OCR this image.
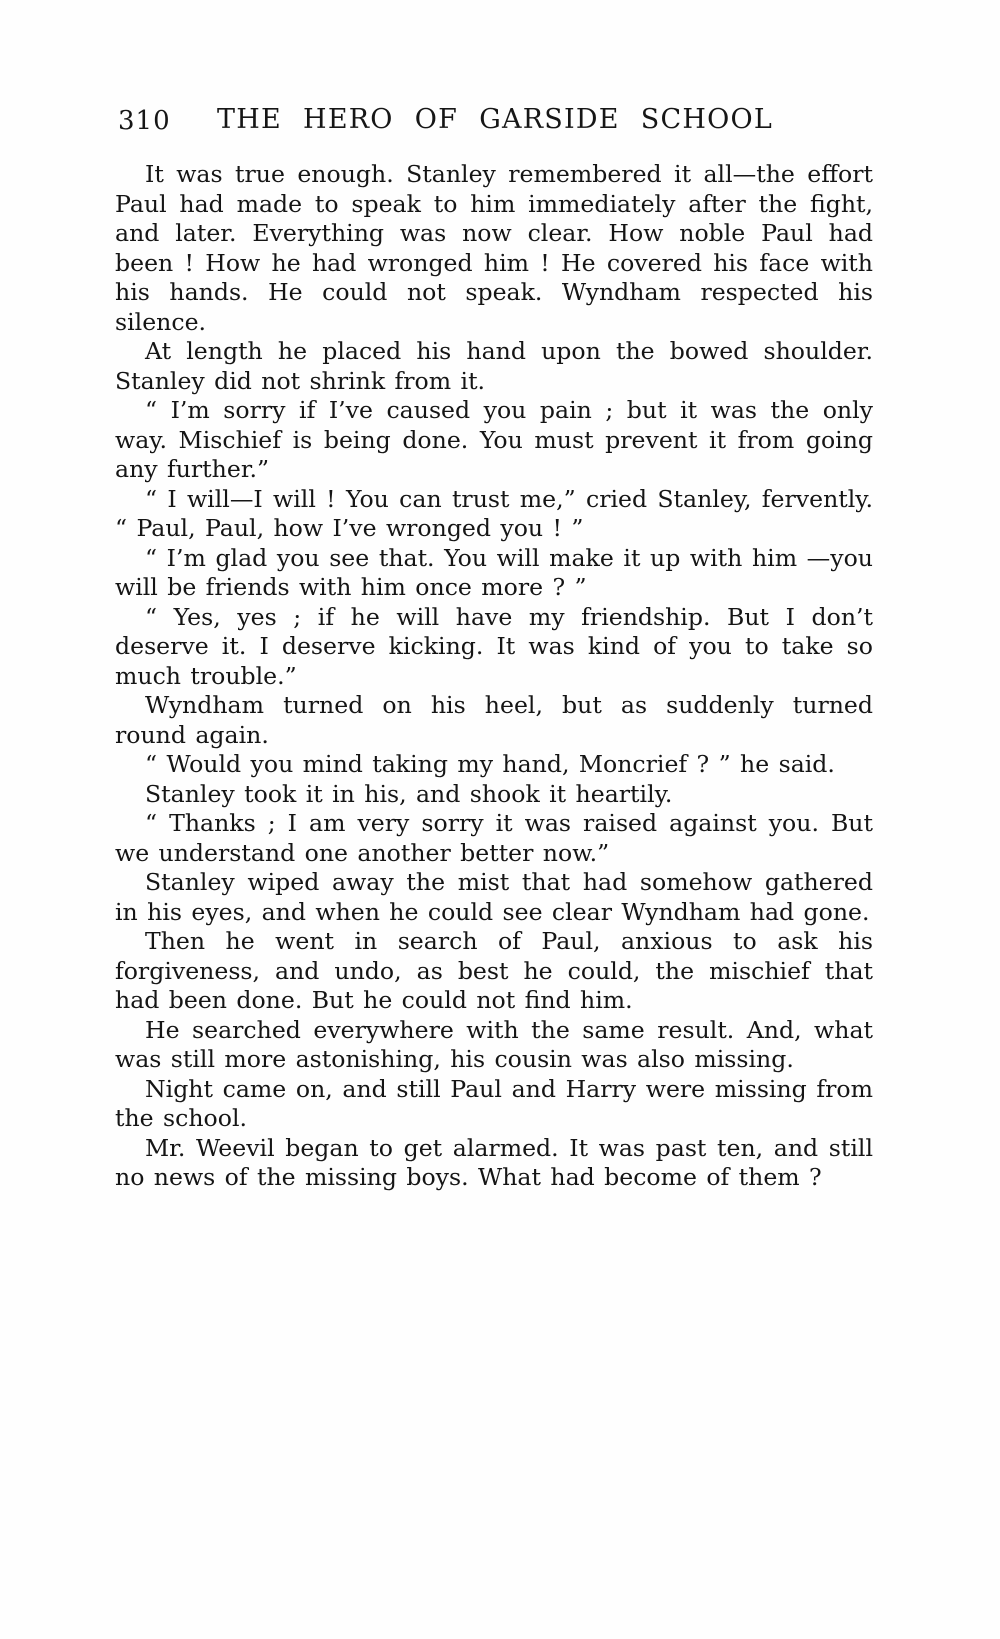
310	THE HERO OF GARSIDE SCHOOL

It was true enough. Stanley remembered it all—the effort Paul had made to speak to him immediately after the fight, and later. Everything was now clear. How noble Paul had been ! How he had wronged him ! He covered his face with his hands. He could not speak. Wyndham respected his silence.

At length he placed his hand upon the bowed shoulder. Stanley did not shrink from it.

“ I’m sorry if I’ve caused you pain ; but it was the only way. Mischief is being done. You must prevent it from going any further.”

“ I will—I will ! You can trust me,” cried Stanley, fervently. “ Paul, Paul, how I’ve wronged you ! ”

“ I’m glad you see that. You will make it up with him —you will be friends with him once more ? ”

“ Yes, yes ; if he will have my friendship. But I don’t deserve it. I deserve kicking. It was kind of you to take so much trouble.”

Wyndham turned on his heel, but as suddenly turned round again.

“ Would you mind taking my hand, Moncrief ? ” he said.

Stanley took it in his, and shook it heartily.

“ Thanks ; I am very sorry it was raised against you. But we understand one another better now.”

Stanley wiped away the mist that had somehow gathered in his eyes, and when he could see clear Wyndham had gone.

Then he went in search of Paul, anxious to ask his forgiveness, and undo, as best he could, the mischief that had been done. But he could not find him.

He searched everywhere with the same result. And, what was still more astonishing, his cousin was also missing.

Night came on, and still Paul and Harry were missing from the school.

Mr. Weevil began to get alarmed. It was past ten, and still no news of the missing boys. What had become of them ?
